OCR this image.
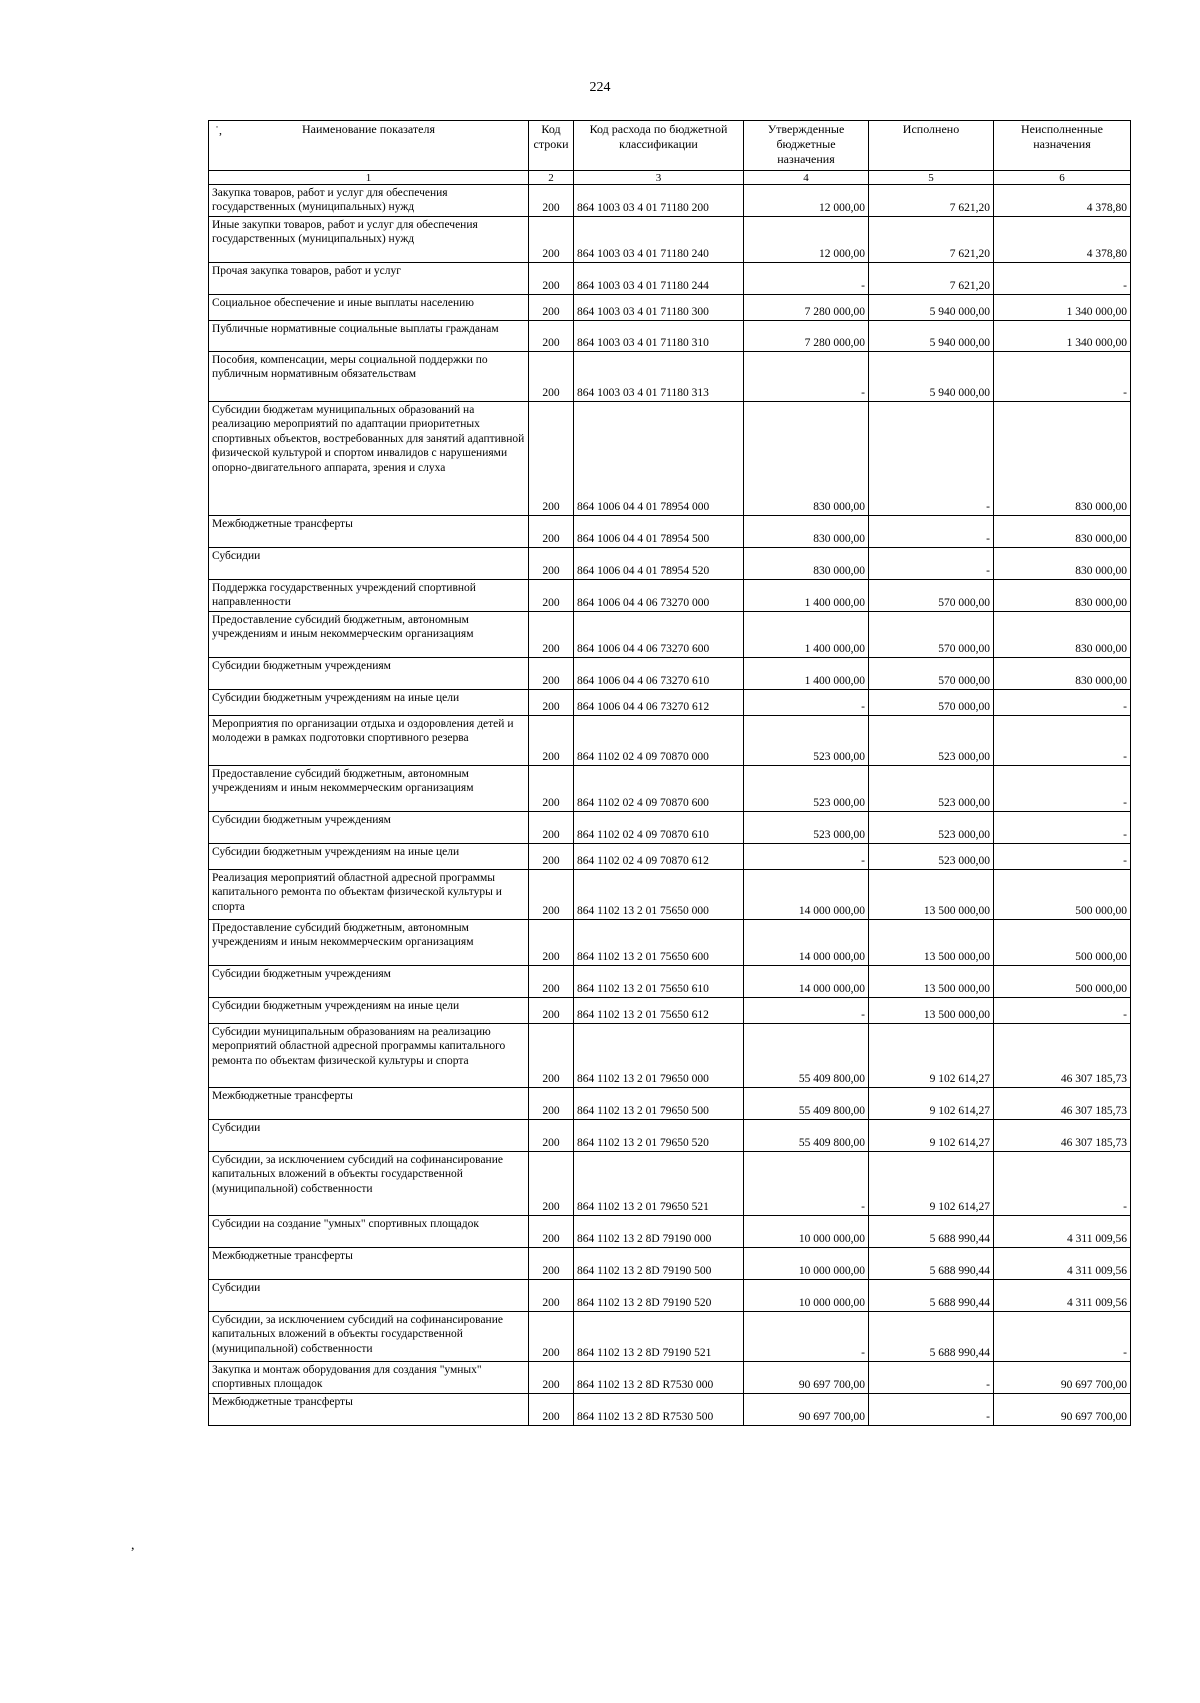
224
˙, Наименование показателя	Код строки	Код расхода по бюджетной классификации	Утвержденные бюджетные назначения	Исполнено	Неисполненные назначения
1	2	3	4	5	6
Закупка товаров, работ и услуг для обеспечения государственных (муниципальных) нужд	200	864 1003 03 4 01 71180 200	12 000,00	7 621,20	4 378,80
Иные закупки товаров, работ и услуг для обеспечения государственных (муниципальных) нужд	200	864 1003 03 4 01 71180 240	12 000,00	7 621,20	4 378,80
Прочая закупка товаров, работ и услуг	200	864 1003 03 4 01 71180 244	-	7 621,20	-
Социальное обеспечение и иные выплаты населению	200	864 1003 03 4 01 71180 300	7 280 000,00	5 940 000,00	1 340 000,00
Публичные нормативные социальные выплаты гражданам	200	864 1003 03 4 01 71180 310	7 280 000,00	5 940 000,00	1 340 000,00
Пособия, компенсации, меры социальной поддержки по публичным нормативным обязательствам	200	864 1003 03 4 01 71180 313	-	5 940 000,00	-
Субсидии бюджетам муниципальных образований на реализацию мероприятий по адаптации приоритетных спортивных объектов, востребованных для занятий адаптивной физической культурой и спортом инвалидов с нарушениями опорно-двигательного аппарата, зрения и слуха	200	864 1006 04 4 01 78954 000	830 000,00	-	830 000,00
Межбюджетные трансферты	200	864 1006 04 4 01 78954 500	830 000,00	-	830 000,00
Субсидии	200	864 1006 04 4 01 78954 520	830 000,00	-	830 000,00
Поддержка государственных учреждений спортивной направленности	200	864 1006 04 4 06 73270 000	1 400 000,00	570 000,00	830 000,00
Предоставление субсидий бюджетным, автономным учреждениям и иным некоммерческим организациям	200	864 1006 04 4 06 73270 600	1 400 000,00	570 000,00	830 000,00
Субсидии бюджетным учреждениям	200	864 1006 04 4 06 73270 610	1 400 000,00	570 000,00	830 000,00
Субсидии бюджетным учреждениям на иные цели	200	864 1006 04 4 06 73270 612	-	570 000,00	-
Мероприятия по организации отдыха и оздоровления детей и молодежи в рамках подготовки спортивного резерва	200	864 1102 02 4 09 70870 000	523 000,00	523 000,00	-
Предоставление субсидий бюджетным, автономным учреждениям и иным некоммерческим организациям	200	864 1102 02 4 09 70870 600	523 000,00	523 000,00	-
Субсидии бюджетным учреждениям	200	864 1102 02 4 09 70870 610	523 000,00	523 000,00	-
Субсидии бюджетным учреждениям на иные цели	200	864 1102 02 4 09 70870 612	-	523 000,00	-
Реализация мероприятий областной адресной программы капитального ремонта по объектам физической культуры и спорта	200	864 1102 13 2 01 75650 000	14 000 000,00	13 500 000,00	500 000,00
Предоставление субсидий бюджетным, автономным учреждениям и иным некоммерческим организациям	200	864 1102 13 2 01 75650 600	14 000 000,00	13 500 000,00	500 000,00
Субсидии бюджетным учреждениям	200	864 1102 13 2 01 75650 610	14 000 000,00	13 500 000,00	500 000,00
Субсидии бюджетным учреждениям на иные цели	200	864 1102 13 2 01 75650 612	-	13 500 000,00	-
Субсидии муниципальным образованиям на реализацию мероприятий областной адресной программы капитального ремонта по объектам физической культуры и спорта	200	864 1102 13 2 01 79650 000	55 409 800,00	9 102 614,27	46 307 185,73
Межбюджетные трансферты	200	864 1102 13 2 01 79650 500	55 409 800,00	9 102 614,27	46 307 185,73
Субсидии	200	864 1102 13 2 01 79650 520	55 409 800,00	9 102 614,27	46 307 185,73
Субсидии, за исключением субсидий на софинансирование капитальных вложений в объекты государственной (муниципальной) собственности	200	864 1102 13 2 01 79650 521	-	9 102 614,27	-
Субсидии на создание "умных" спортивных площадок	200	864 1102 13 2 8D 79190 000	10 000 000,00	5 688 990,44	4 311 009,56
Межбюджетные трансферты	200	864 1102 13 2 8D 79190 500	10 000 000,00	5 688 990,44	4 311 009,56
Субсидии	200	864 1102 13 2 8D 79190 520	10 000 000,00	5 688 990,44	4 311 009,56
Субсидии, за исключением субсидий на софинансирование капитальных вложений в объекты государственной (муниципальной) собственности	200	864 1102 13 2 8D 79190 521	-	5 688 990,44	-
Закупка и монтаж оборудования для создания "умных" спортивных площадок	200	864 1102 13 2 8D R7530 000	90 697 700,00	-	90 697 700,00
Межбюджетные трансферты	200	864 1102 13 2 8D R7530 500	90 697 700,00	-	90 697 700,00
,
